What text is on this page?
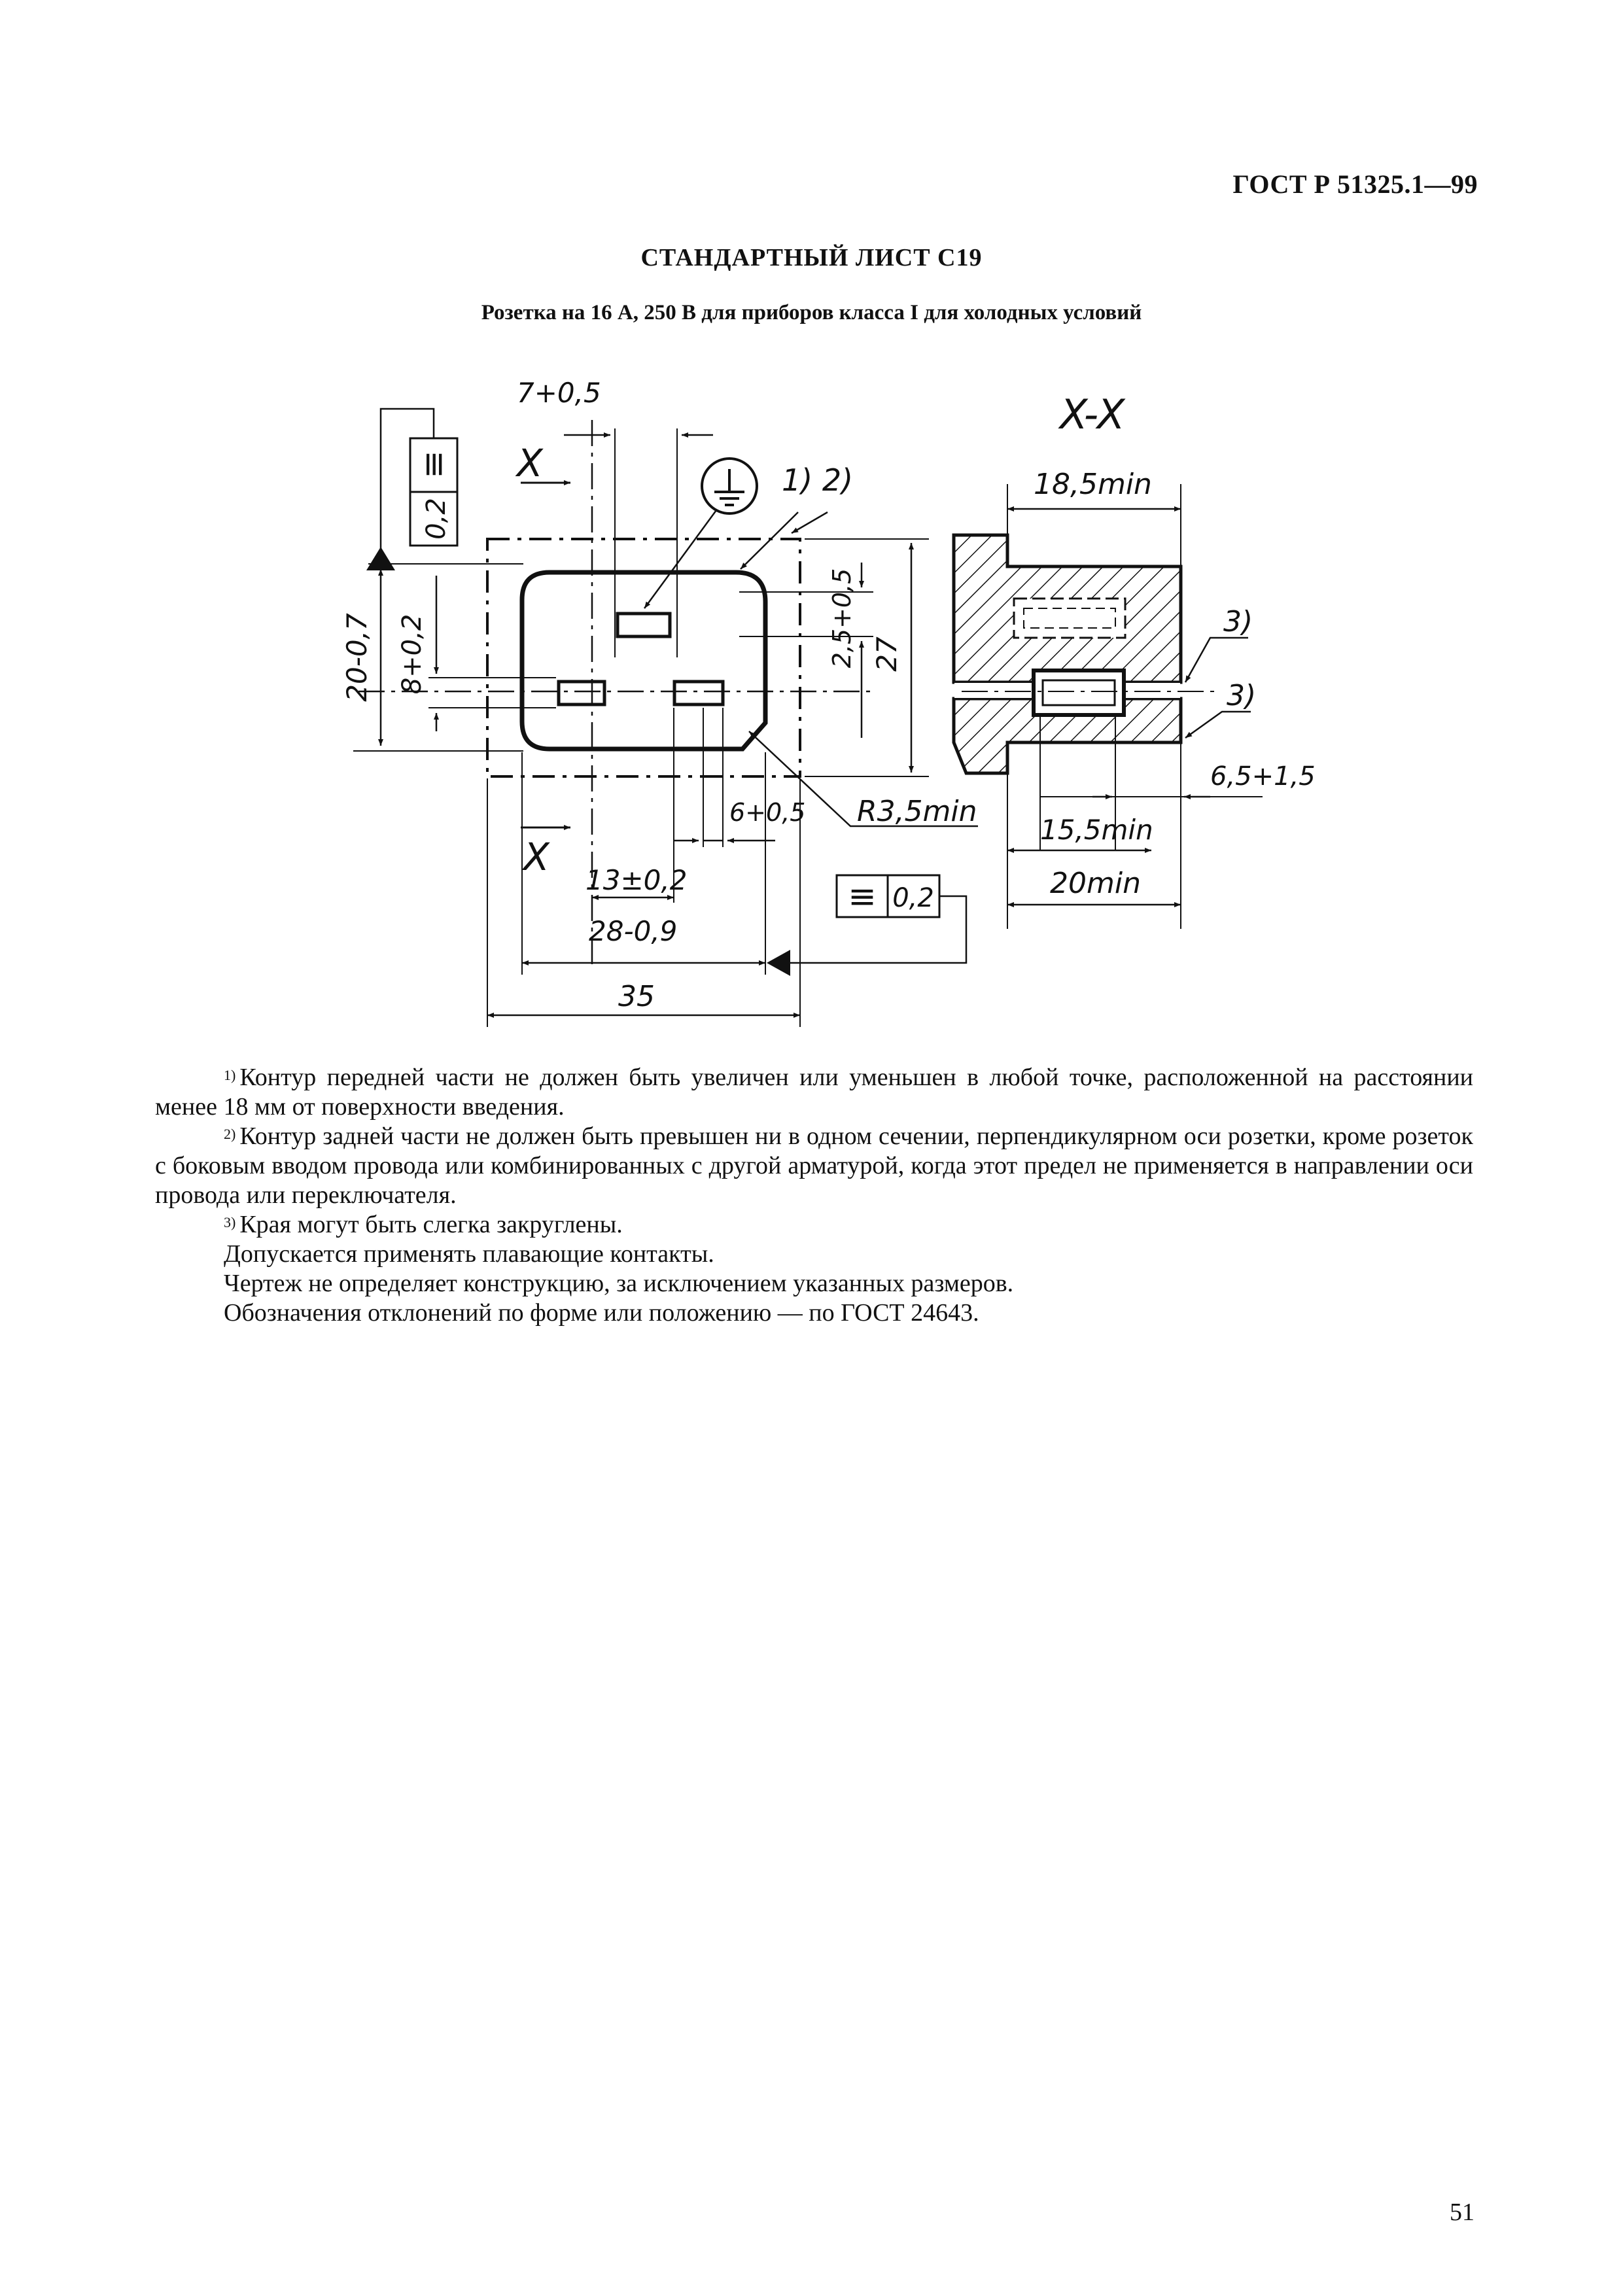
ГОСТ Р 51325.1—99
СТАНДАРТНЫЙ ЛИСТ С19
Розетка на 16 А, 250 В для приборов класса I для холодных условий
7+0,5
X
X
1) 2)
≡
0,2
20-0,7 8+0,2	2,5+0,5 27
6+0,5 R3,5min
13±0,2	≡ 0,2
28-0,9
35
X-X
18,5min
3)
3)
6,5+1,5
15,5min
20min

$^{1)}$ Контур передней части не должен быть увеличен или уменьшен в любой точке, расположенной на расстоянии менее 18 мм от поверхности введения.

$^{2)}$ Контур задней части не должен быть превышен ни в одном сечении, перпендикулярном оси розетки, кроме розеток с боковым вводом провода или комбинированных с другой арматурой, когда этот предел не применяется в направлении оси провода или переключателя.

$^{3)}$ Края могут быть слегка закруглены.

Допускается применять плавающие контакты.

Чертеж не определяет конструкцию, за исключением указанных размеров.

Обозначения отклонений по форме или положению — по ГОСТ 24643.

51
